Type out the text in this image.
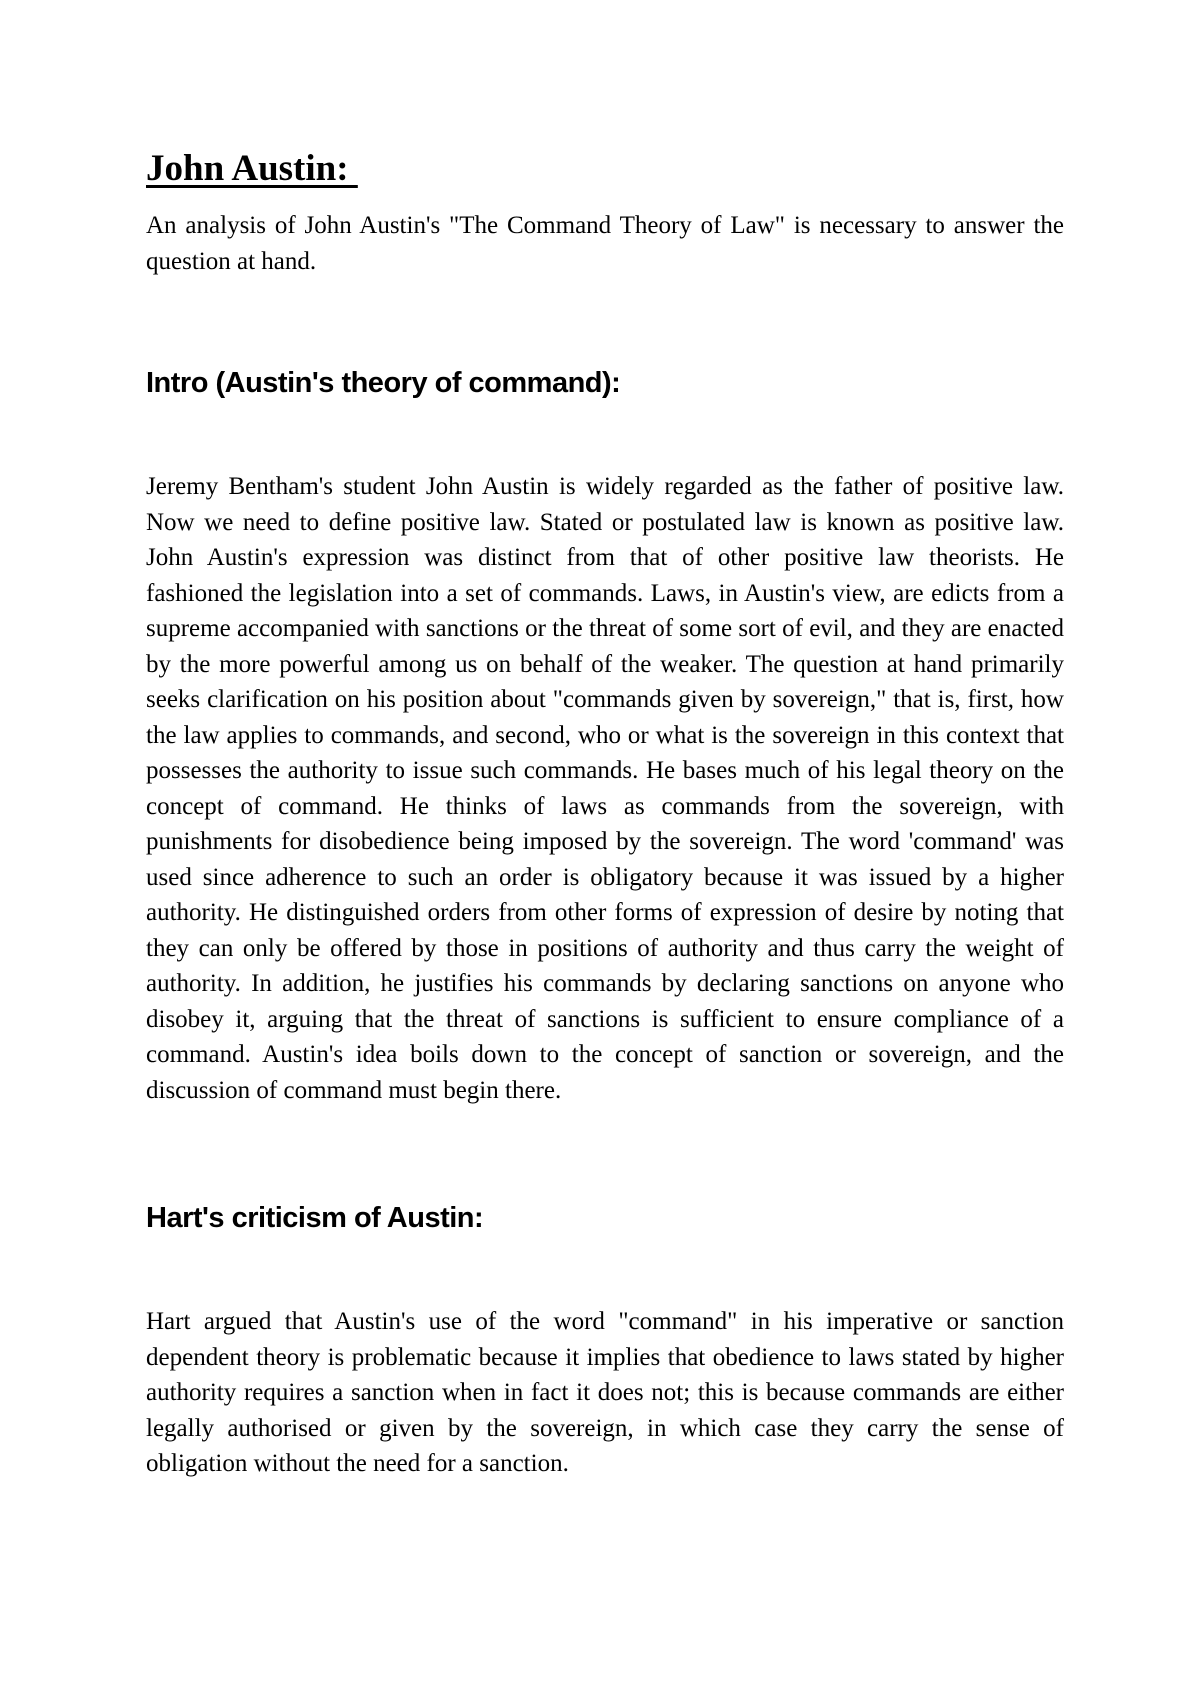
John Austin:

An analysis of John Austin's "The Command Theory of Law" is necessary to answer the question at hand.

Intro (Austin's theory of command):

Jeremy Bentham's student John Austin is widely regarded as the father of positive law. Now we need to define positive law. Stated or postulated law is known as positive law. John Austin's expression was distinct from that of other positive law theorists. He fashioned the legislation into a set of commands. Laws, in Austin's view, are edicts from a supreme accompanied with sanctions or the threat of some sort of evil, and they are enacted by the more powerful among us on behalf of the weaker. The question at hand primarily seeks clarification on his position about "commands given by sovereign," that is, first, how the law applies to commands, and second, who or what is the sovereign in this context that possesses the authority to issue such commands. He bases much of his legal theory on the concept of command. He thinks of laws as commands from the sovereign, with punishments for disobedience being imposed by the sovereign. The word 'command' was used since adherence to such an order is obligatory because it was issued by a higher authority. He distinguished orders from other forms of expression of desire by noting that they can only be offered by those in positions of authority and thus carry the weight of authority. In addition, he justifies his commands by declaring sanctions on anyone who disobey it, arguing that the threat of sanctions is sufficient to ensure compliance of a command. Austin's idea boils down to the concept of sanction or sovereign, and the discussion of command must begin there.

Hart's criticism of Austin:

Hart argued that Austin's use of the word "command" in his imperative or sanction dependent theory is problematic because it implies that obedience to laws stated by higher authority requires a sanction when in fact it does not; this is because commands are either legally authorised or given by the sovereign, in which case they carry the sense of obligation without the need for a sanction.
